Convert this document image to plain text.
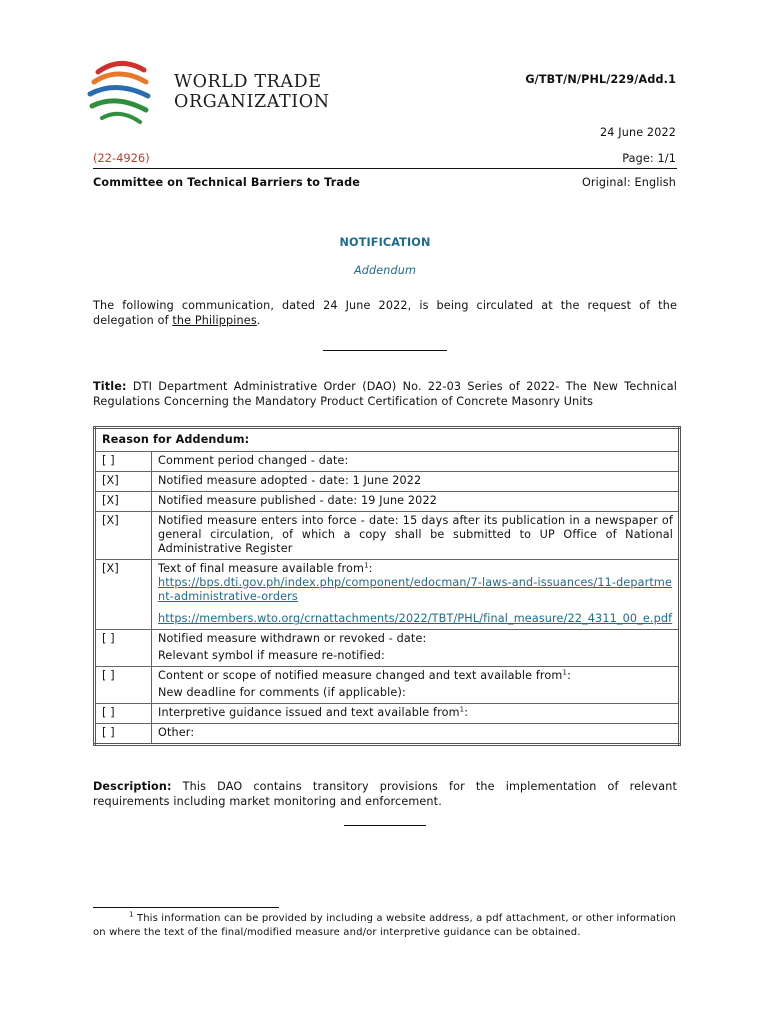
WORLD TRADE
ORGANIZATION
G/TBT/N/PHL/229/Add.1
24 June 2022
(22-4926)	Page: 1/1
Committee on Technical Barriers to Trade	Original: English
NOTIFICATION
Addendum
The following communication, dated 24 June 2022, is being circulated at the request of the delegation of the Philippines.
Title: DTI Department Administrative Order (DAO) No. 22-03 Series of 2022- The New Technical Regulations Concerning the Mandatory Product Certification of Concrete Masonry Units
Reason for Addendum:	
[ ]	Comment period changed - date:
[X]	Notified measure adopted - date: 1 June 2022
[X]	Notified measure published - date: 19 June 2022
[X]	Notified measure enters into force - date: 15 days after its publication in a newspaper of general circulation, of which a copy shall be submitted to UP Office of National Administrative Register
[X]	Text of final measure available from$^1$:
https://bps.dti.gov.ph/index.php/component/edocman/7-laws-and-issuances/11-department-administrative-orders
https://members.wto.org/crnattachments/2022/TBT/PHL/final_measure/22_4311_00_e.pdf

[ ]	Notified measure withdrawn or revoked - date:
Relevant symbol if measure re-notified:

[ ]	Content or scope of notified measure changed and text available from$^1$:
New deadline for comments (if applicable):

[ ]	Interpretive guidance issued and text available from$^1$:
[ ]	Other:
Description: This DAO contains transitory provisions for the implementation of relevant requirements including market monitoring and enforcement.
$^1$ This information can be provided by including a website address, a pdf attachment, or other information on where the text of the final/modified measure and/or interpretive guidance can be obtained.
